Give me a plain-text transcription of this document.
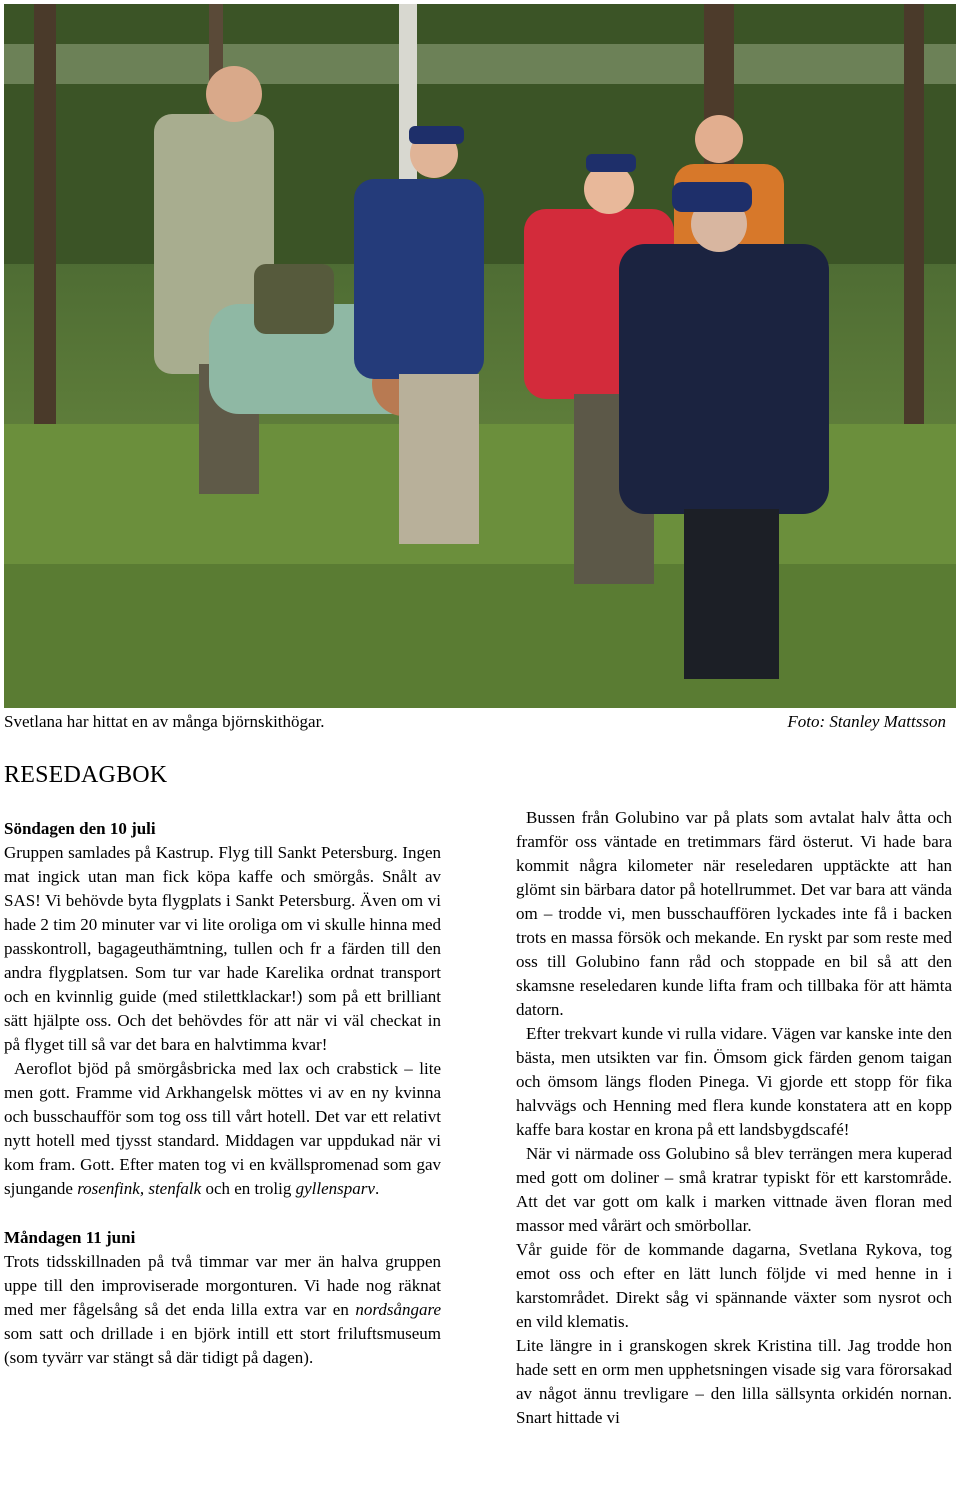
Svetlana har hittat en av många björnskithögar.	Foto: Stanley Mattsson
RESEDAGBOK

Söndagen den 10 juli

Gruppen samlades på Kastrup. Flyg till Sankt Petersburg. Ingen mat ingick utan man fick köpa kaffe och smörgås. Snålt av SAS! Vi behövde byta flygplats i Sankt Petersburg. Även om vi hade 2 tim 20 minuter var vi lite oroliga om vi skulle hinna med passkontroll, bagageuthämtning, tullen och fr a färden till den andra flygplatsen. Som tur var hade Karelika ordnat transport och en kvinnlig guide (med stilettklackar!) som på ett brilliant sätt hjälpte oss. Och det behövdes för att när vi väl checkat in på flyget till så var det bara en halvtimma kvar!

Aeroflot bjöd på smörgåsbricka med lax och crabstick – lite men gott. Framme vid Arkhangelsk möttes vi av en ny kvinna och busschaufför som tog oss till vårt hotell. Det var ett relativt nytt hotell med tjysst standard. Middagen var uppdukad när vi kom fram. Gott. Efter maten tog vi en kvällspromenad som gav sjungande rosenfink, stenfalk och en trolig gyllensparv.

Måndagen 11 juni

Trots tidsskillnaden på två timmar var mer än halva gruppen uppe till den improviserade morgonturen. Vi hade nog räknat med mer fågelsång så det enda lilla extra var en nordsångare som satt och drillade i en björk intill ett stort friluftsmuseum (som tyvärr var stängt så där tidigt på dagen).

Bussen från Golubino var på plats som avtalat halv åtta och framför oss väntade en tretimmars färd österut. Vi hade bara kommit några kilometer när reseledaren upptäckte att han glömt sin bärbara dator på hotellrummet. Det var bara att vända om – trodde vi, men busschauffören lyckades inte få i backen trots en massa försök och mekande. En ryskt par som reste med oss till Golubino fann råd och stoppade en bil så att den skamsne reseledaren kunde lifta fram och tillbaka för att hämta datorn.

Efter trekvart kunde vi rulla vidare. Vägen var kanske inte den bästa, men utsikten var fin. Ömsom gick färden genom taigan och ömsom längs floden Pinega. Vi gjorde ett stopp för fika halvvägs och Henning med flera kunde konstatera att en kopp kaffe bara kostar en krona på ett landsbygdscafé!

När vi närmade oss Golubino så blev terrängen mera kuperad med gott om doliner – små kratrar typiskt för ett karstområde. Att det var gott om kalk i marken vittnade även floran med massor med vårärt och smörbollar.

Vår guide för de kommande dagarna, Svetlana Rykova, tog emot oss och efter en lätt lunch följde vi med henne in i karstområdet. Direkt såg vi spännande växter som nysrot och en vild klematis.

Lite längre in i granskogen skrek Kristina till. Jag trodde hon hade sett en orm men upphetsningen visade sig vara förorsakad av något ännu trevligare – den lilla sällsynta orkidén nornan. Snart hittade vi
